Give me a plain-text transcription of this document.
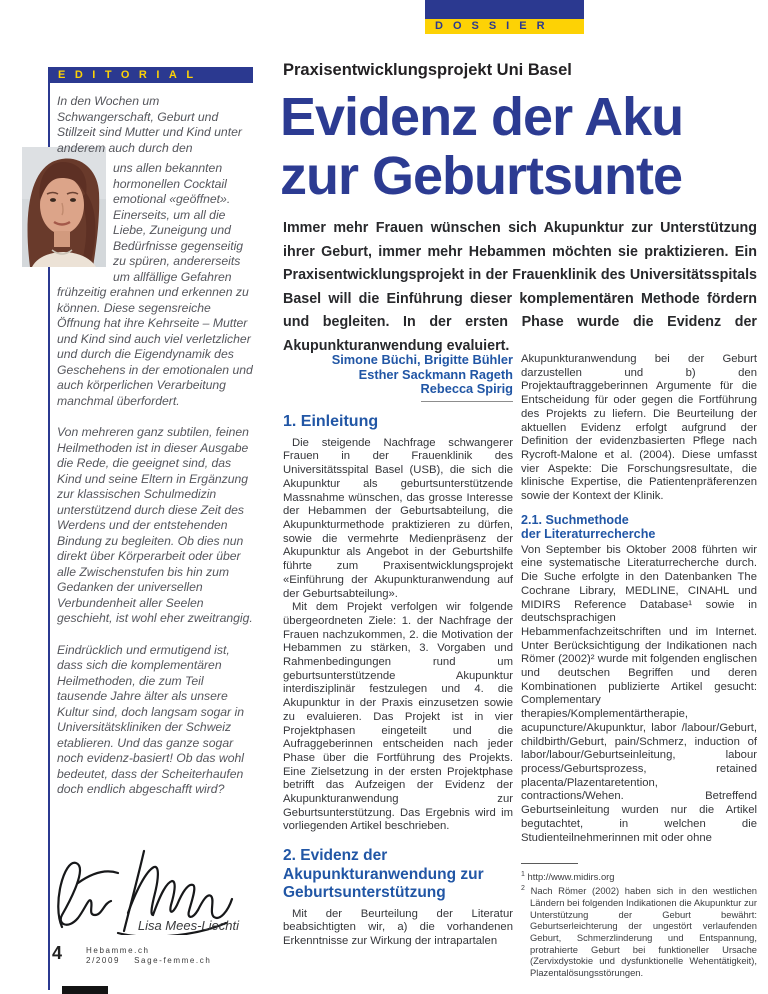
DOSSIER
EDITORIAL

In den Wochen um Schwangerschaft, Geburt und Stillzeit sind Mutter und Kind unter anderem auch durch den

uns allen bekannten hormonellen Cocktail emotional «geöffnet». Einerseits, um all die Liebe, Zuneigung und Bedürfnisse gegenseitig zu spüren, andererseits um allfällige Gefahren frühzeitig erahnen und erkennen zu können. Diese segensreiche Öffnung hat ihre Kehrseite – Mutter und Kind sind auch viel verletzlicher und durch die Eigendynamik des Geschehens in der emotionalen und auch körperlichen Verarbeitung manchmal überfordert.

Von mehreren ganz subtilen, feinen Heilmethoden ist in dieser Ausgabe die Rede, die geeignet sind, das Kind und seine Eltern in Ergänzung zur klassischen Schulmedizin unterstützend durch diese Zeit des Werdens und der entstehenden Bindung zu begleiten. Ob dies nun direkt über Körperarbeit oder über alle Zwischenstufen bis hin zum Gedanken der universellen Verbundenheit aller Seelen geschieht, ist wohl eher zweitrangig.

Eindrücklich und ermutigend ist, dass sich die komplementären Heilmethoden, die zum Teil tausende Jahre älter als unsere Kultur sind, doch langsam sogar in Universitätskliniken der Schweiz etablieren. Und das ganze sogar noch evidenz-basiert! Ob das wohl bedeutet, dass der Scheiterhaufen doch endlich abgeschafft wird?

Lisa Mees-Liechti
4	Hebamme.ch
2/2009 Sage-femme.ch
Praxisentwicklungsprojekt Uni Basel
Evidenz der Aku
zur Geburtsunte
Immer mehr Frauen wünschen sich Akupunktur zur Unterstützung ihrer Geburt, immer mehr Hebammen möchten sie praktizieren. Ein Praxisentwicklungsprojekt in der Frauenklinik des Universitätsspitals Basel will die Einführung dieser komplementären Methode fördern und begleiten. In der ersten Phase wurde die Evidenz der Akupunkturanwendung evaluiert.
Simone Büchi, Brigitte Bühler
Esther Sackmann Rageth
Rebecca Spirig
1. Einleitung

Die steigende Nachfrage schwangerer Frauen in der Frauenklinik des Universitätsspital Basel (USB), die sich die Akupunktur als geburtsunterstützende Massnahme wünschen, das grosse Interesse der Hebammen der Geburtsabteilung, die Akupunkturmethode praktizieren zu dürfen, sowie die vermehrte Medienpräsenz der Akupunktur als Angebot in der Geburtshilfe führte zum Praxisentwicklungsprojekt «Einführung der Akupunkturanwendung auf der Geburtsabteilung».

Mit dem Projekt verfolgen wir folgende übergeordneten Ziele: 1. der Nachfrage der Frauen nachzukommen, 2. die Motivation der Hebammen zu stärken, 3. Vorgaben und Rahmenbedingungen rund um geburtsunterstützende Akupunktur interdisziplinär festzulegen und 4. die Akupunktur in der Praxis einzusetzen sowie zu evaluieren. Das Projekt ist in vier Projektphasen eingeteilt und die Aufraggeberinnen entscheiden nach jeder Phase über die Fortführung des Projekts. Eine Zielsetzung in der ersten Projektphase betrifft das Aufzeigen der Evidenz der Akupunkturanwendung zur Geburtsunterstützung. Das Ergebnis wird im vorliegenden Artikel beschrieben.

2. Evidenz der Akupunkturanwendung zur Geburtsunterstützung

Mit der Beurteilung der Literatur beabsichtigten wir, a) die vorhandenen Erkenntnisse zur Wirkung der intrapartalen

Akupunkturanwendung bei der Geburt darzustellen und b) den Projektauftraggeberinnen Argumente für die Entscheidung für oder gegen die Fortführung des Projekts zu liefern. Die Beurteilung der aktuellen Evidenz erfolgt aufgrund der Definition der evidenzbasierten Pflege nach Rycroft-Malone et al. (2004). Diese umfasst vier Aspekte: Die Forschungsresultate, die klinische Expertise, die Patientenpräferenzen sowie der Kontext der Klinik.

2.1. Suchmethode
der Literaturrecherche

Von September bis Oktober 2008 führten wir eine systematische Literaturrecherche durch. Die Suche erfolgte in den Datenbanken The Cochrane Library, MEDLINE, CINAHL und MIDIRS Reference Database¹ sowie in deutschsprachigen Hebammenfachzeitschriften und im Internet. Unter Berücksichtigung der Indikationen nach Römer (2002)² wurde mit folgenden englischen und deutschen Begriffen und deren Kombinationen publizierte Artikel gesucht: Complementary therapies/Komplementärtherapie, acupuncture/Akupunktur, labor /labour/Geburt, childbirth/Geburt, pain/Schmerz, induction of labor/labour/Geburtseinleitung, labour process/Geburtsprozess, retained placenta/Plazentaretention, contractions/Wehen. Betreffend Geburtseinleitung wurden nur die Artikel begutachtet, in welchen die Studienteilnehmerinnen mit oder ohne

$^1$ http://www.midirs.org

$^2$ Nach Römer (2002) haben sich in den westlichen Ländern bei folgenden Indikationen die Akupunktur zur Unterstützung der Geburt bewährt: Geburtserleichterung der ungestört verlaufenden Geburt, Schmerzlinderung und Entspannung, protrahierte Geburt bei funktioneller Ursache (Zervixdystokie und dysfunktionelle Wehentätigkeit), Plazentalösungsstörungen.
